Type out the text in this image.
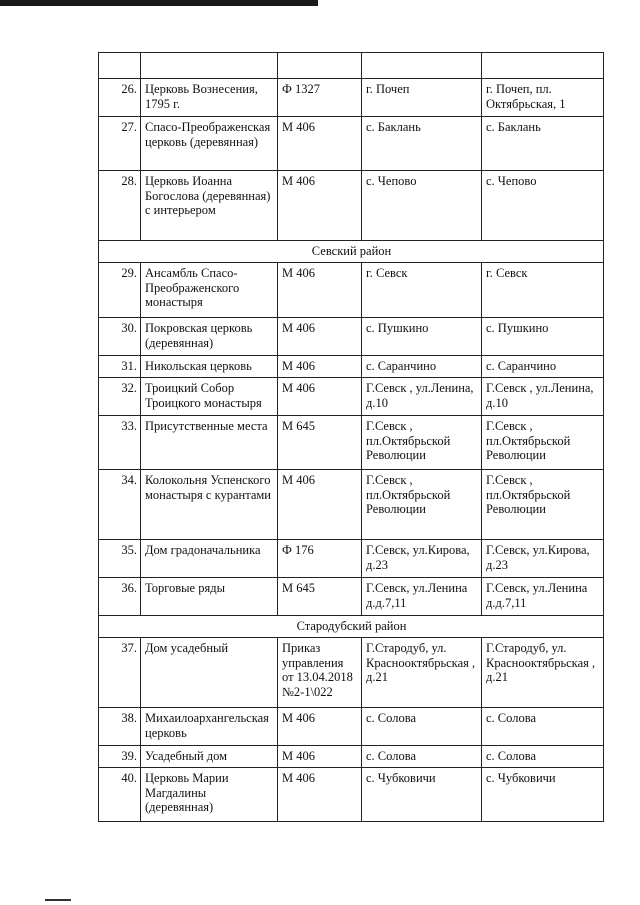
26.	Церковь Вознесения, 1795 г.	Ф 1327	г. Почеп	г. Почеп, пл. Октябрьская, 1
27.	Спасо-Преображенская церковь (деревянная)	М 406	с. Баклань	с. Баклань
28.	Церковь Иоанна Богослова (деревянная) с интерьером	М 406	с. Чепово	с. Чепово
Севский район				
29.	Ансамбль Спасо-Преображенского монастыря	М 406	г. Севск	г. Севск
30.	Покровская церковь (деревянная)	М 406	с. Пушкино	с. Пушкино
31.	Никольская церковь	М 406	с. Саранчино	с. Саранчино
32.	Троицкий Собор Троицкого монастыря	М 406	Г.Севск , ул.Ленина, д.10	Г.Севск , ул.Ленина, д.10
33.	Присутственные места	М 645	Г.Севск , пл.Октябрьской Революции	Г.Севск , пл.Октябрьской Революции
34.	Колокольня Успенского монастыря с курантами	М 406	Г.Севск , пл.Октябрьской Революции	Г.Севск , пл.Октябрьской Революции
35.	Дом градоначальника	Ф 176	Г.Севск, ул.Кирова, д.23	Г.Севск, ул.Кирова, д.23
36.	Торговые ряды	М 645	Г.Севск, ул.Ленина д.д.7,11	Г.Севск, ул.Ленина д.д.7,11
Стародубский район				
37.	Дом усадебный	Приказ управления от 13.04.2018 №2-1\022	Г.Стародуб, ул. Краснооктябрьская , д.21	Г.Стародуб, ул. Краснооктябрьская , д.21
38.	Михаилоархангельская церковь	М 406	с. Солова	с. Солова
39.	Усадебный дом	М 406	с. Солова	с. Солова
40.	Церковь Марии Магдалины (деревянная)	М 406	с. Чубковичи	с. Чубковичи
